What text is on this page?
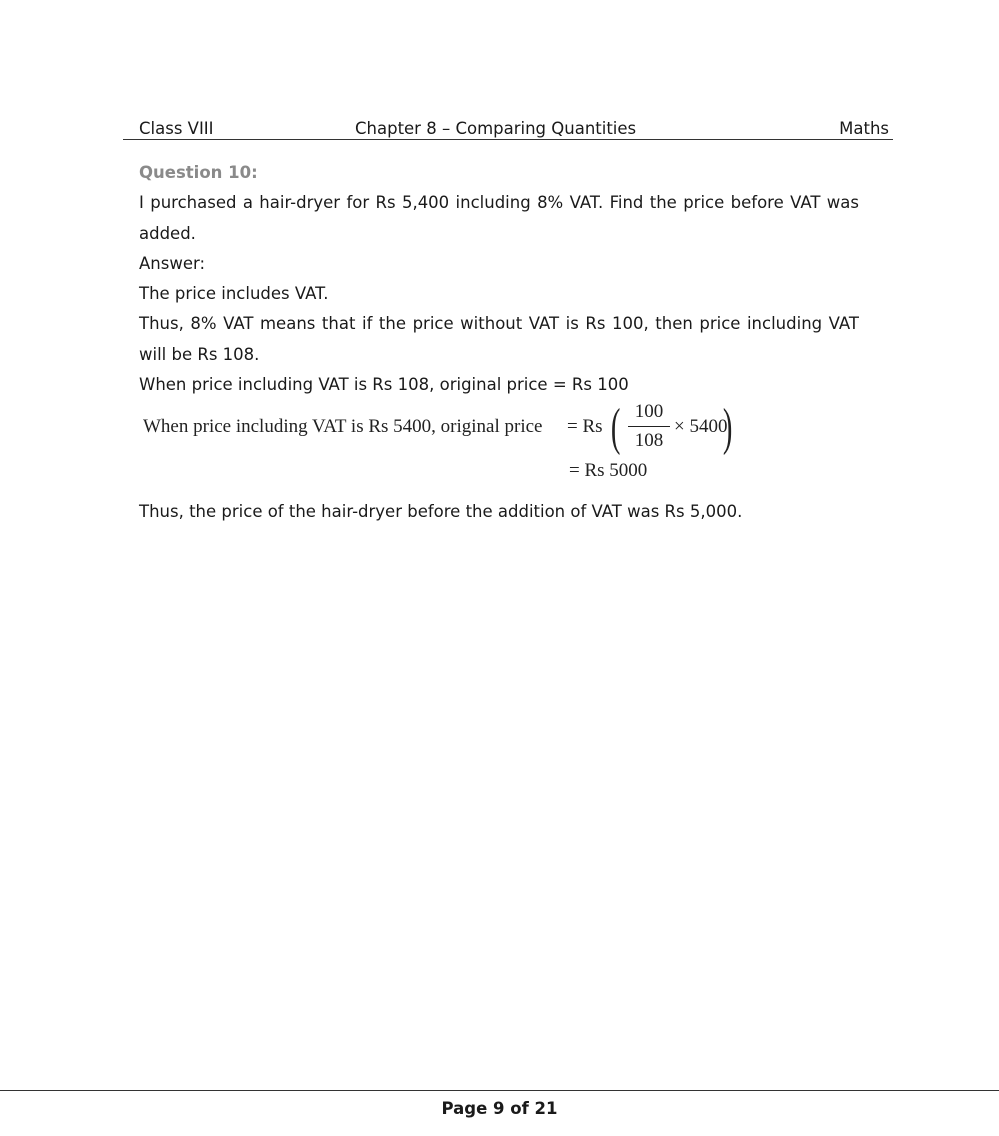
Class VIII	Chapter 8 – Comparing Quantities	Maths

Question 10:

I purchased a hair-dryer for Rs 5,400 including 8% VAT. Find the price before VAT was added.

Answer:

The price includes VAT.

Thus, 8% VAT means that if the price without VAT is Rs 100, then price including VAT will be Rs 108.

When price including VAT is Rs 108, original price = Rs 100

When price including VAT is Rs 5400, original price = Rs ( $\frac{100}{108} \times 5400$
)
= Rs 5000

Thus, the price of the hair-dryer before the addition of VAT was Rs 5,000.

Page 9 of 21
